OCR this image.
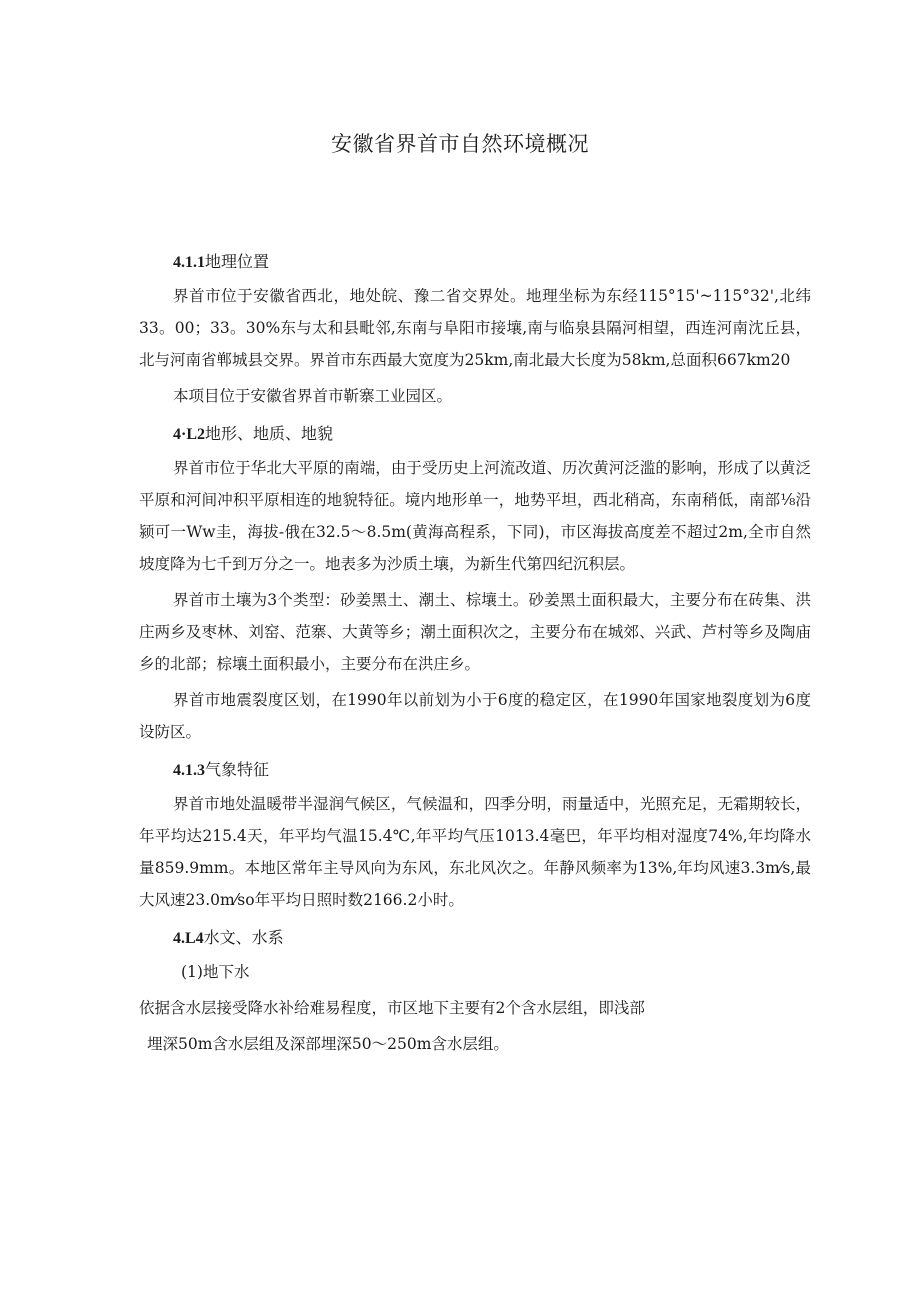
安徽省界首市自然环境概况
4.1.1地理位置

界首市位于安徽省西北，地处皖、豫二省交界处。地理坐标为东经115°15'~115°32',北纬33。00；33。30%东与太和县毗邻,东南与阜阳市接壤,南与临泉县隔河相望，西连河南沈丘县，北与河南省郸城县交界。界首市东西最大宽度为25km,南北最大长度为58km,总面积667km20

本项目位于安徽省界首市靳寨工业园区。

4·L2地形、地质、地貌

界首市位于华北大平原的南端，由于受历史上河流改道、历次黄河泛滥的影响，形成了以黄泛平原和河间冲积平原相连的地貌特征。境内地形单一，地势平坦，西北稍高，东南稍低，南部⅛沿颍可一Ww圭，海拔-俄在32.5～8.5m(黄海高程系，下同)，市区海拔高度差不超过2m,全市自然坡度降为七千到万分之一。地表多为沙质土壤，为新生代第四纪沉积层。

界首市土壤为3个类型：砂姜黑土、潮土、棕壤土。砂姜黑土面积最大，主要分布在砖集、洪庄两乡及枣林、刘窑、范寨、大黄等乡；潮土面积次之，主要分布在城郊、兴武、芦村等乡及陶庙乡的北部；棕壤土面积最小，主要分布在洪庄乡。

界首市地震裂度区划，在1990年以前划为小于6度的稳定区，在1990年国家地裂度划为6度设防区。

4.1.3气象特征

界首市地处温暖带半湿润气候区，气候温和，四季分明，雨量适中，光照充足，无霜期较长，年平均达215.4天，年平均气温15.4℃,年平均气压1013.4毫巴，年平均相对湿度74%,年均降水量859.9mm。本地区常年主导风向为东风，东北风次之。年静风频率为13%,年均风速3.3m⁄s,最大风速23.0m⁄so年平均日照时数2166.2小时。

4.L4水文、水系

(1)地下水

依据含水层接受降水补给难易程度，市区地下主要有2个含水层组，即浅部

埋深50m含水层组及深部埋深50～250m含水层组。
